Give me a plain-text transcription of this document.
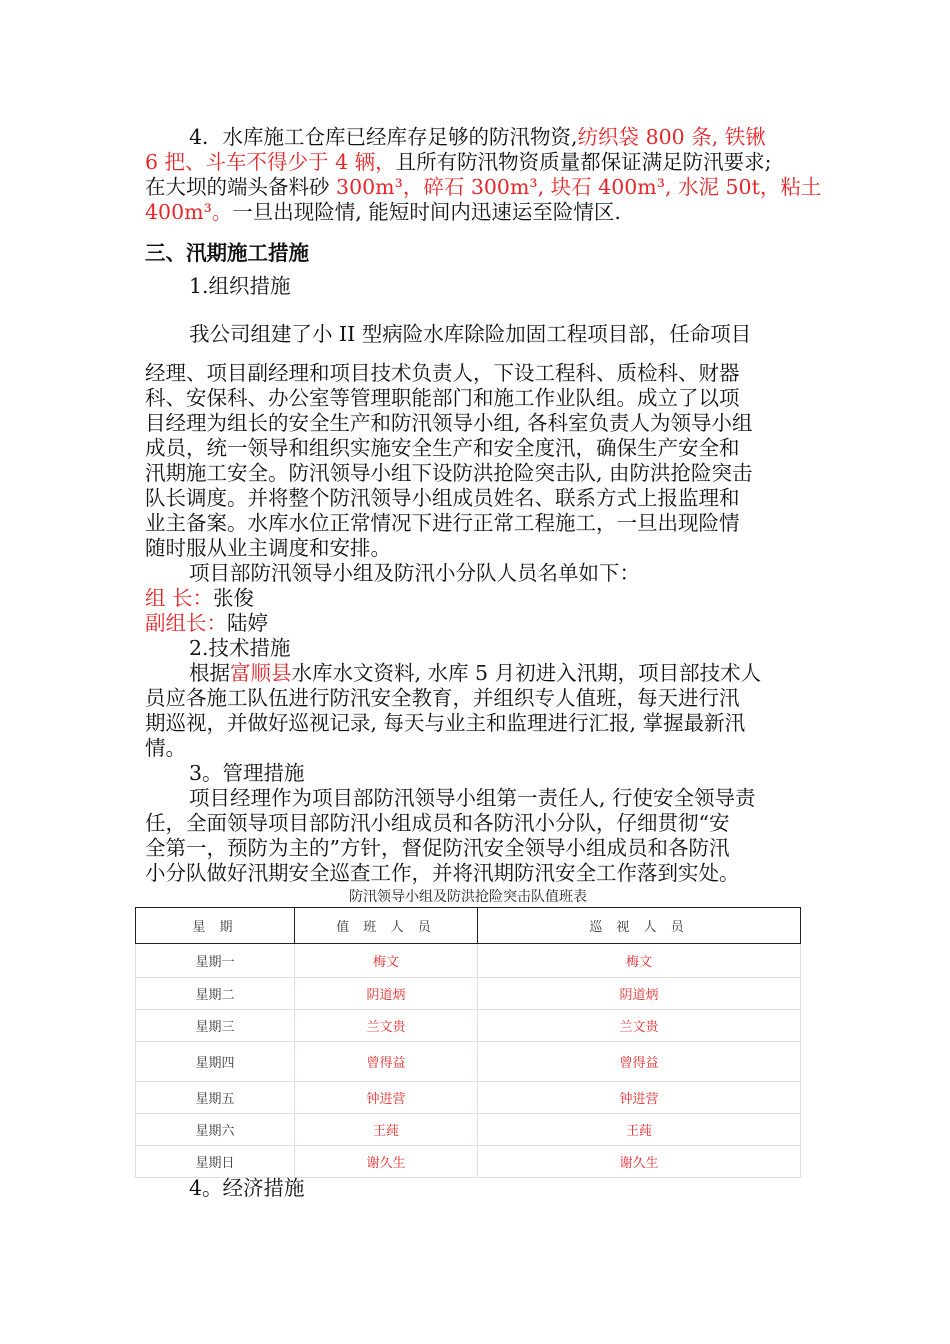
4．水库施工仓库已经库存足够的防汛物资,纺织袋 800 条, 铁锹

6 把、斗车不得少于 4 辆，且所有防汛物资质量都保证满足防汛要求;

在大坝的端头备料砂 300m³，碎石 300m³, 块石 400m³, 水泥 50t，粘土

400m³。一旦出现险情, 能短时间内迅速运至险情区.

三、汛期施工措施

1.组织措施

我公司组建了小 II 型病险水库除险加固工程项目部，任命项目

经理、项目副经理和项目技术负责人，下设工程科、质检科、财器

科、安保科、办公室等管理职能部门和施工作业队组。成立了以项

目经理为组长的安全生产和防汛领导小组, 各科室负责人为领导小组

成员，统一领导和组织实施安全生产和安全度汛，确保生产安全和

汛期施工安全。防汛领导小组下设防洪抢险突击队, 由防洪抢险突击

队长调度。并将整个防汛领导小组成员姓名、联系方式上报监理和

业主备案。水库水位正常情况下进行正常工程施工，一旦出现险情

随时服从业主调度和安排。

项目部防汛领导小组及防汛小分队人员名单如下：

组 长：张俊

副组长：陆婷

2.技术措施

根据富顺县水库水文资料, 水库 5 月初进入汛期，项目部技术人

员应各施工队伍进行防汛安全教育，并组织专人值班，每天进行汛

期巡视，并做好巡视记录, 每天与业主和监理进行汇报, 掌握最新汛

情。

3。管理措施

项目经理作为项目部防汛领导小组第一责任人, 行使安全领导责

任，全面领导项目部防汛小组成员和各防汛小分队，仔细贯彻“安

全第一，预防为主的”方针，督促防汛安全领导小组成员和各防汛

小分队做好汛期安全巡查工作，并将汛期防汛安全工作落到实处。

防汛领导小组及防洪抢险突击队值班表
星 期	值 班 人 员	巡 视 人 员
星期一	梅文	梅文
星期二	阴道炳	阴道炳
星期三	兰文贵	兰文贵
星期四	曾得益	曾得益
星期五	钟进营	钟进营
星期六	王莼	王莼
星期日	谢久生	谢久生

4。经济措施
